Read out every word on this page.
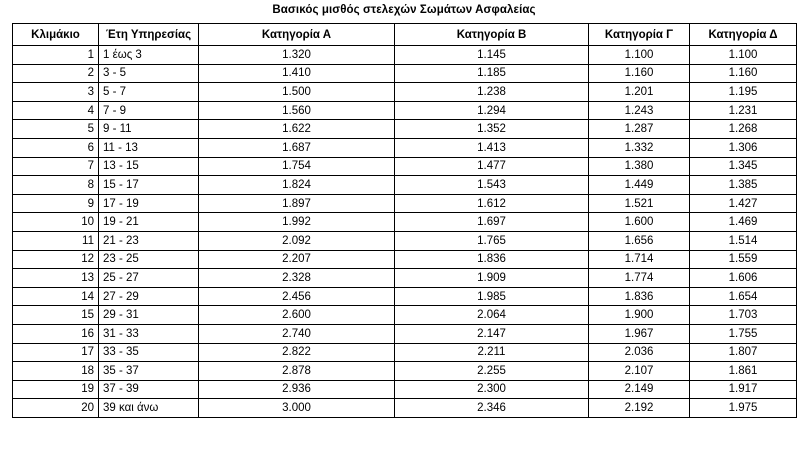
Βασικός μισθός στελεχών Σωμάτων Ασφαλείας
Κλιμάκιο	Έτη Υπηρεσίας	Κατηγορία Α	Κατηγορία Β	Κατηγορία Γ	Κατηγορία Δ
1	1 έως 3	1.320	1.145	1.100	1.100
2	3 - 5	1.410	1.185	1.160	1.160
3	5 - 7	1.500	1.238	1.201	1.195
4	7 - 9	1.560	1.294	1.243	1.231
5	9 - 11	1.622	1.352	1.287	1.268
6	11 - 13	1.687	1.413	1.332	1.306
7	13 - 15	1.754	1.477	1.380	1.345
8	15 - 17	1.824	1.543	1.449	1.385
9	17 - 19	1.897	1.612	1.521	1.427
10	19 - 21	1.992	1.697	1.600	1.469
11	21 - 23	2.092	1.765	1.656	1.514
12	23 - 25	2.207	1.836	1.714	1.559
13	25 - 27	2.328	1.909	1.774	1.606
14	27 - 29	2.456	1.985	1.836	1.654
15	29 - 31	2.600	2.064	1.900	1.703
16	31 - 33	2.740	2.147	1.967	1.755
17	33 - 35	2.822	2.211	2.036	1.807
18	35 - 37	2.878	2.255	2.107	1.861
19	37 - 39	2.936	2.300	2.149	1.917
20	39 και άνω	3.000	2.346	2.192	1.975
